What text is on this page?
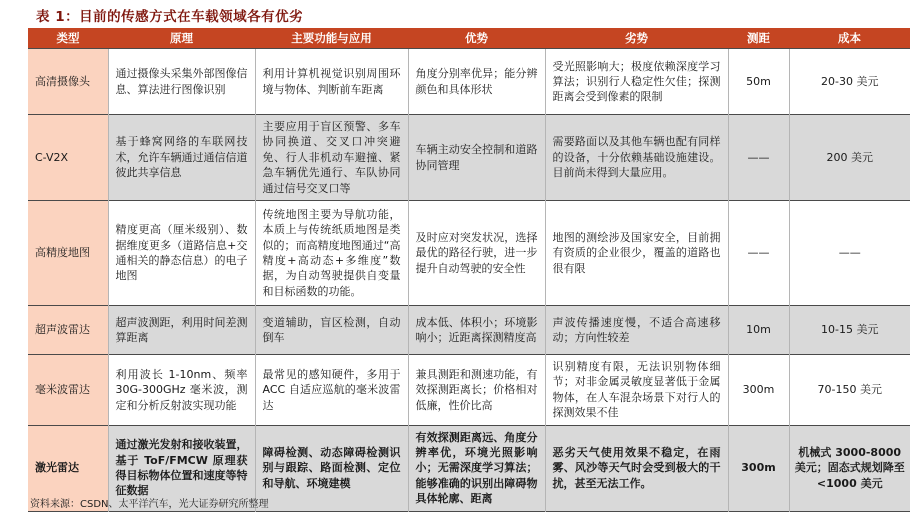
表 1：目前的传感方式在车载领域各有优劣
类型	原理	主要功能与应用	优势	劣势	测距	成本
高清摄像头	通过摄像头采集外部图像信息、算法进行图像识别	利用计算机视觉识别周围环境与物体、判断前车距离	角度分别率优异；能分辨颜色和具体形状	受光照影响大；极度依赖深度学习算法；识别行人稳定性欠佳；探测距离会受到像素的限制	50m	20-30 美元
C-V2X	基于蜂窝网络的车联网技术，允许车辆通过通信信道彼此共享信息	主要应用于盲区预警、多车协同换道、交叉口冲突避免、行人非机动车避撞、紧急车辆优先通行、车队协同通过信号交叉口等	车辆主动安全控制和道路协同管理	需要路面以及其他车辆也配有同样的设备，十分依赖基础设施建设。目前尚未得到大量应用。	——	200 美元
高精度地图	精度更高（厘米级别）、数据维度更多（道路信息+交通相关的静态信息）的电子地图	传统地图主要为导航功能，本质上与传统纸质地图是类似的；而高精度地图通过“高精度+高动态+多维度”数据，为自动驾驶提供自变量和目标函数的功能。	及时应对突发状况，选择最优的路径行驶，进一步提升自动驾驶的安全性	地图的测绘涉及国家安全，目前拥有资质的企业很少，覆盖的道路也很有限	——	——
超声波雷达	超声波测距，利用时间差测算距离	变道辅助，盲区检测，自动倒车	成本低、体积小；环境影响小；近距离探测精度高	声波传播速度慢，不适合高速移动；方向性较差	10m	10-15 美元
毫米波雷达	利用波长 1-10nm、频率 30G-300GHz 毫米波，测定和分析反射波实现功能	最常见的感知硬件，多用于 ACC 自适应巡航的毫米波雷达	兼具测距和测速功能，有效探测距离长；价格相对低廉，性价比高	识别精度有限，无法识别物体细节；对非金属灵敏度显著低于金属物体，在人车混杂场景下对行人的探测效果不佳	300m	70-150 美元
激光雷达	通过激光发射和接收装置，基于 ToF/FMCW 原理获得目标物体位置和速度等特征数据	障碍检测、动态障碍检测识别与跟踪、路面检测、定位和导航、环境建模	有效探测距离远、角度分辨率优，环境光照影响小；无需深度学习算法；能够准确的识别出障碍物具体轮廓、距离	恶劣天气使用效果不稳定，在雨雾、风沙等天气时会受到极大的干扰，甚至无法工作。	300m	机械式 3000-8000 美元；固态式规划降至 <1000 美元
资料来源：CSDN、太平洋汽车，光大证券研究所整理
